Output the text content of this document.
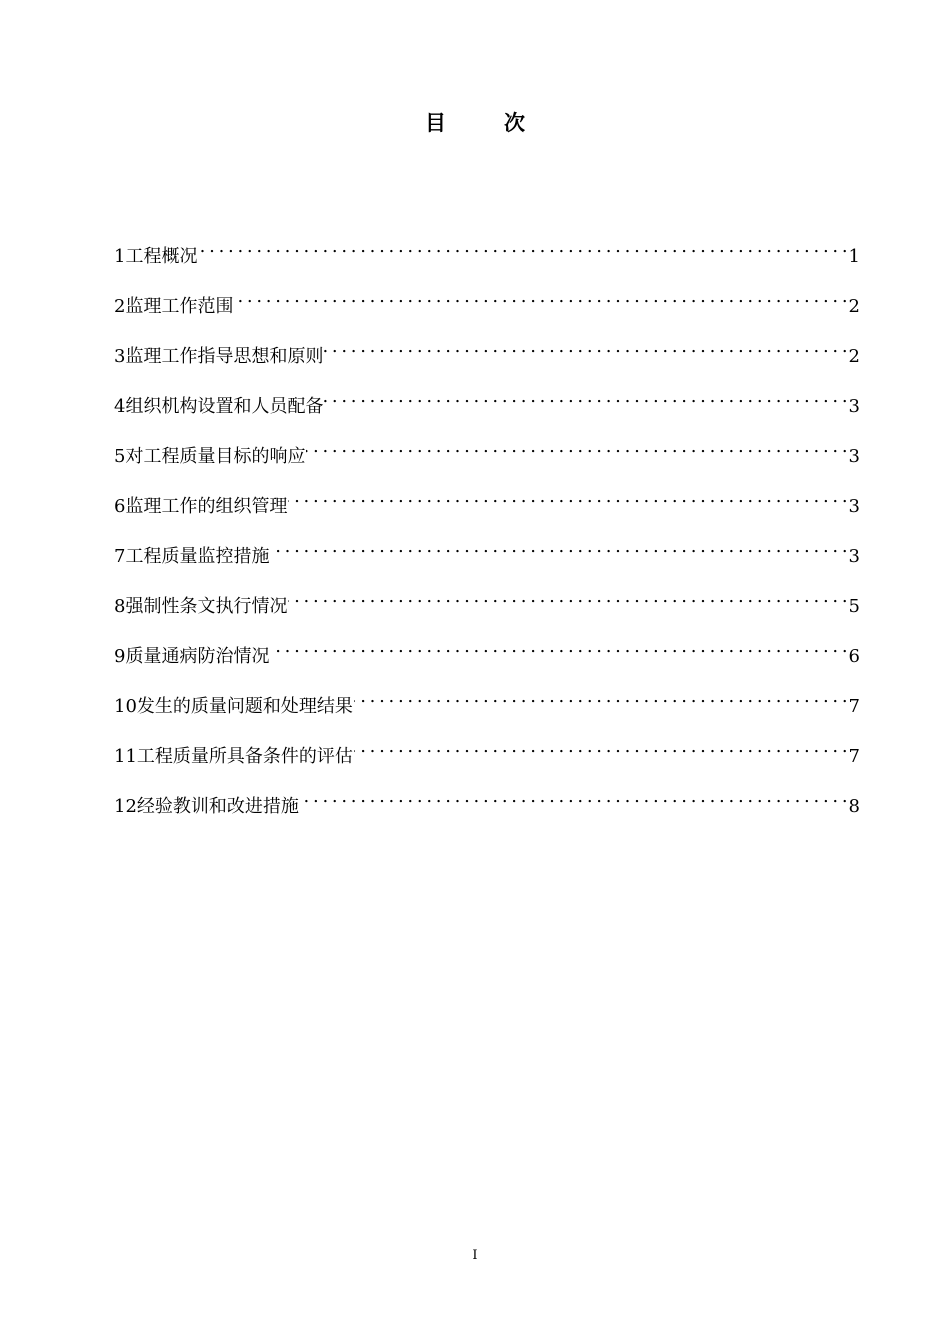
目	次
1 工程概况 . . .	1
2 监理工作范围 . . .	2
3 监理工作指导思想和原则 . . .	2
4 组织机构设置和人员配备 . . .	3
5 对工程质量目标的响应 . . .	3
6 监理工作的组织管理 . . .	3
7 工程质量监控措施 . . .	3
8 强制性条文执行情况 . . .	5
9 质量通病防治情况 . . .	6
10 发生的质量问题和处理结果 . . .	7
11 工程质量所具备条件的评估 . . .	7
12 经验教训和改进措施 . . .	8
I
